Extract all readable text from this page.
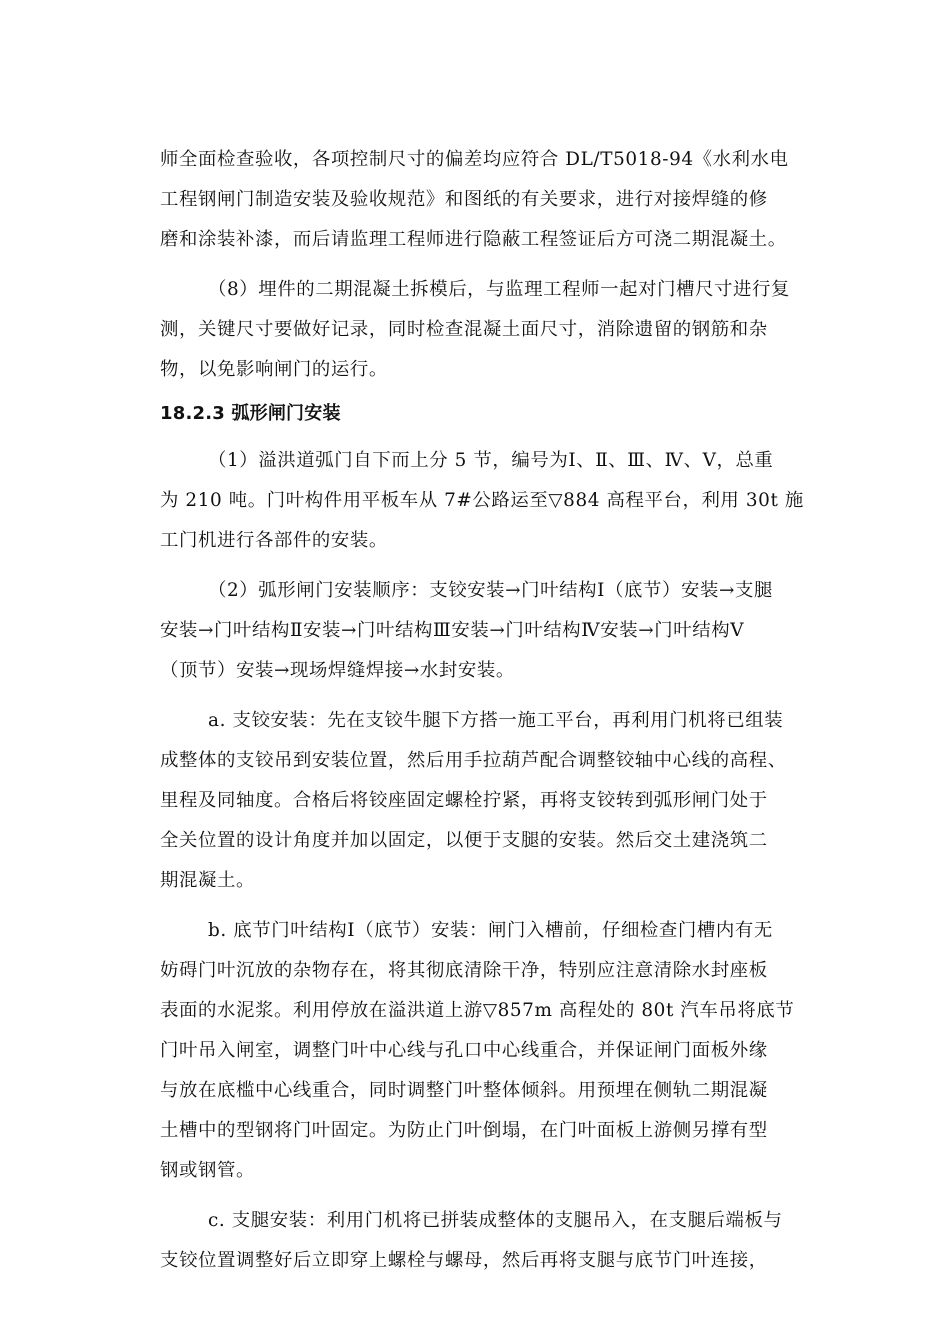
师全面检查验收，各项控制尺寸的偏差均应符合 DL/T5018-94《水利水电
工程钢闸门制造安装及验收规范》和图纸的有关要求，进行对接焊缝的修
磨和涂装补漆，而后请监理工程师进行隐蔽工程签证后方可浇二期混凝土。
（8）埋件的二期混凝土拆模后，与监理工程师一起对门槽尺寸进行复
测，关键尺寸要做好记录，同时检查混凝土面尺寸，消除遗留的钢筋和杂
物，以免影响闸门的运行。
18.2.3 弧形闸门安装
（1）溢洪道弧门自下而上分 5 节，编号为Ⅰ、Ⅱ、Ⅲ、Ⅳ、Ⅴ，总重
为 210 吨。门叶构件用平板车从 7#公路运至▽884 高程平台，利用 30t 施
工门机进行各部件的安装。
（2）弧形闸门安装顺序：支铰安装→门叶结构Ⅰ（底节）安装→支腿
安装→门叶结构Ⅱ安装→门叶结构Ⅲ安装→门叶结构Ⅳ安装→门叶结构Ⅴ
（顶节）安装→现场焊缝焊接→水封安装。
a. 支铰安装：先在支铰牛腿下方搭一施工平台，再利用门机将已组装
成整体的支铰吊到安装位置，然后用手拉葫芦配合调整铰轴中心线的高程、
里程及同轴度。合格后将铰座固定螺栓拧紧，再将支铰转到弧形闸门处于
全关位置的设计角度并加以固定，以便于支腿的安装。然后交土建浇筑二
期混凝土。
b. 底节门叶结构Ⅰ（底节）安装：闸门入槽前，仔细检查门槽内有无
妨碍门叶沉放的杂物存在，将其彻底清除干净，特别应注意清除水封座板
表面的水泥浆。利用停放在溢洪道上游▽857m 高程处的 80t 汽车吊将底节
门叶吊入闸室，调整门叶中心线与孔口中心线重合，并保证闸门面板外缘
与放在底槛中心线重合，同时调整门叶整体倾斜。用预埋在侧轨二期混凝
土槽中的型钢将门叶固定。为防止门叶倒塌，在门叶面板上游侧另撑有型
钢或钢管。
c. 支腿安装：利用门机将已拼装成整体的支腿吊入，在支腿后端板与
支铰位置调整好后立即穿上螺栓与螺母，然后再将支腿与底节门叶连接，
